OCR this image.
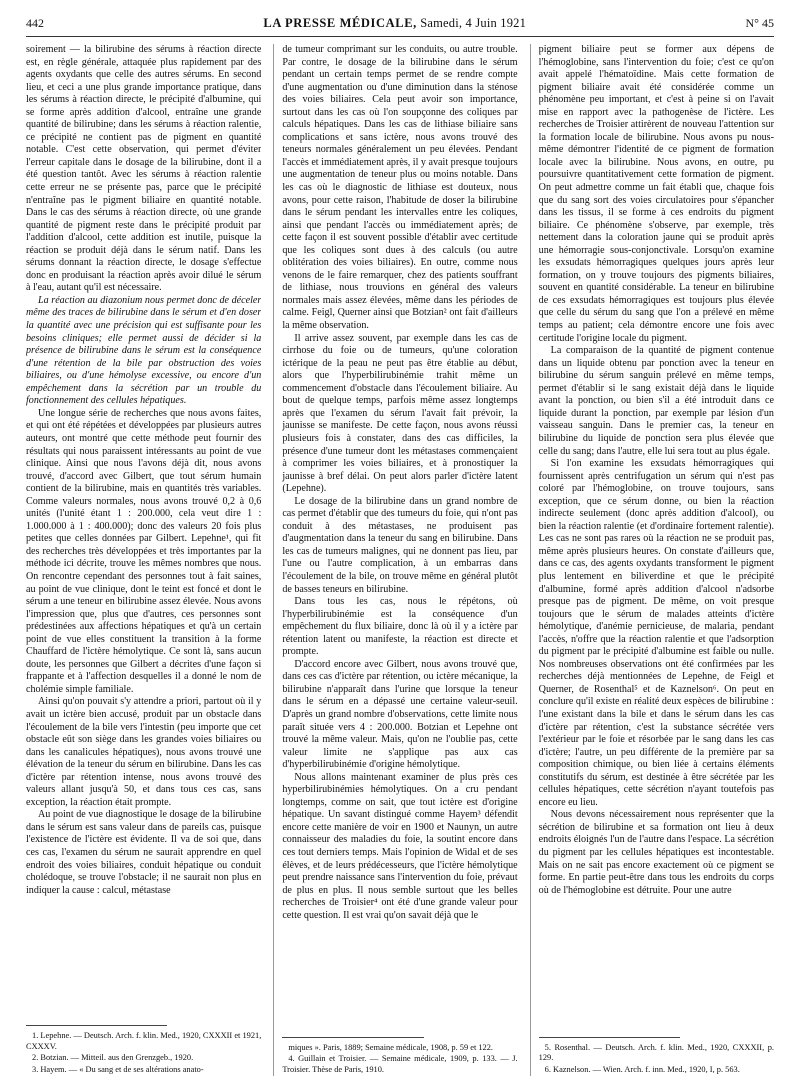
442	LA PRESSE MÉDICALE, Samedi, 4 Juin 1921	N° 45

soirement — la bilirubine des sérums à réaction directe est, en règle générale, attaquée plus rapidement par des agents oxydants que celle des autres sérums. En second lieu, et ceci a une plus grande importance pratique, dans les sérums à réaction directe, le précipité d'albumine, qui se forme après addition d'alcool, entraîne une grande quantité de bilirubine; dans les sérums à réaction ralentie, ce précipité ne contient pas de pigment en quantité notable. C'est cette observation, qui permet d'éviter l'erreur capitale dans le dosage de la bilirubine, dont il a été question tantôt. Avec les sérums à réaction ralentie cette erreur ne se présente pas, parce que le précipité n'entraîne pas le pigment biliaire en quantité notable. Dans le cas des sérums à réaction directe, où une grande quantité de pigment reste dans le précipité produit par l'addition d'alcool, cette addition est inutile, puisque la réaction se produit déjà dans le sérum natif. Dans les sérums donnant la réaction directe, le dosage s'effectue donc en produisant la réaction après avoir dilué le sérum à l'eau, autant qu'il est nécessaire.

La réaction au diazonium nous permet donc de déceler même des traces de bilirubine dans le sérum et d'en doser la quantité avec une précision qui est suffisante pour les besoins cliniques; elle permet aussi de décider si la présence de bilirubine dans le sérum est la conséquence d'une rétention de la bile par obstruction des voies biliaires, ou d'une hémolyse excessive, ou encore d'un empêchement dans la sécrétion par un trouble du fonctionnement des cellules hépatiques.

Une longue série de recherches que nous avons faites, et qui ont été répétées et développées par plusieurs autres auteurs, ont montré que cette méthode peut fournir des résultats qui nous paraissent intéressants au point de vue clinique. Ainsi que nous l'avons déjà dit, nous avons trouvé, d'accord avec Gilbert, que tout sérum humain contient de la bilirubine, mais en quantités très variables. Comme valeurs normales, nous avons trouvé 0,2 à 0,6 unités (l'unité étant 1 : 200.000, cela veut dire 1 : 1.000.000 à 1 : 400.000); donc des valeurs 20 fois plus petites que celles données par Gilbert. Lepehne¹, qui fit des recherches très développées et très importantes par la méthode ici décrite, trouve les mêmes nombres que nous. On rencontre cependant des personnes tout à fait saines, au point de vue clinique, dont le teint est foncé et dont le sérum a une teneur en bilirubine assez élevée. Nous avons l'impression que, plus que d'autres, ces personnes sont prédestinées aux affections hépatiques et qu'à un certain point de vue elles constituent la transition à la forme Chauffard de l'ictère hémolytique. Ce sont là, sans aucun doute, les personnes que Gilbert a décrites d'une façon si frappante et à l'affection desquelles il a donné le nom de cholémie simple familiale.

Ainsi qu'on pouvait s'y attendre a priori, partout où il y avait un ictère bien accusé, produit par un obstacle dans l'écoulement de la bile vers l'intestin (peu importe que cet obstacle eût son siège dans les grandes voies biliaires ou dans les canalicules hépatiques), nous avons trouvé une élévation de la teneur du sérum en bilirubine. Dans les cas d'ictère par rétention intense, nous avons trouvé des valeurs allant jusqu'à 50, et dans tous ces cas, sans exception, la réaction était prompte.

Au point de vue diagnostique le dosage de la bilirubine dans le sérum est sans valeur dans de pareils cas, puisque l'existence de l'ictère est évidente. Il va de soi que, dans ces cas, l'examen du sérum ne saurait apprendre en quel endroit des voies biliaires, conduit hépatique ou conduit cholédoque, se trouve l'obstacle; il ne saurait non plus en indiquer la cause : calcul, métastase

1. Lepehne. — Deutsch. Arch. f. klin. Med., 1920, CXXXII et 1921, CXXXV.

2. Botzian. — Mitteil. aus den Grenzgeb., 1920.

3. Hayem. — « Du sang et de ses altérations anato-

de tumeur comprimant sur les conduits, ou autre trouble. Par contre, le dosage de la bilirubine dans le sérum pendant un certain temps permet de se rendre compte d'une augmentation ou d'une diminution dans la sténose des voies biliaires. Cela peut avoir son importance, surtout dans les cas où l'on soupçonne des coliques par calculs hépatiques. Dans les cas de lithiase biliaire sans complications et sans ictère, nous avons trouvé des teneurs normales généralement un peu élevées. Pendant l'accès et immédiatement après, il y avait presque toujours une augmentation de teneur plus ou moins notable. Dans les cas où le diagnostic de lithiase est douteux, nous avons, pour cette raison, l'habitude de doser la bilirubine dans le sérum pendant les intervalles entre les coliques, ainsi que pendant l'accès ou immédiatement après; de cette façon il est souvent possible d'établir avec certitude que les coliques sont dues à des calculs (ou autre oblitération des voies biliaires). En outre, comme nous venons de le faire remarquer, chez des patients souffrant de lithiase, nous trouvions en général des valeurs normales mais assez élevées, même dans les périodes de calme. Feigl, Querner ainsi que Botzian² ont fait d'ailleurs la même observation.

Il arrive assez souvent, par exemple dans les cas de cirrhose du foie ou de tumeurs, qu'une coloration ictérique de la peau ne peut pas être établie au début, alors que l'hyperbilirubinémie trahit même un commencement d'obstacle dans l'écoulement biliaire. Au bout de quelque temps, parfois même assez longtemps après que l'examen du sérum l'avait fait prévoir, la jaunisse se manifeste. De cette façon, nous avons réussi plusieurs fois à constater, dans des cas difficiles, la présence d'une tumeur dont les métastases commençaient à comprimer les voies biliaires, et à pronostiquer la jaunisse à bref délai. On peut alors parler d'ictère latent (Lepehne).

Le dosage de la bilirubine dans un grand nombre de cas permet d'établir que des tumeurs du foie, qui n'ont pas conduit à des métastases, ne produisent pas d'augmentation dans la teneur du sang en bilirubine. Dans les cas de tumeurs malignes, qui ne donnent pas lieu, par l'une ou l'autre complication, à un embarras dans l'écoulement de la bile, on trouve même en général plutôt de basses teneurs en bilirubine.

Dans tous les cas, nous le répétons, où l'hyperbilirubinémie est la conséquence d'un empêchement du flux biliaire, donc là où il y a ictère par rétention latent ou manifeste, la réaction est directe et prompte.

D'accord encore avec Gilbert, nous avons trouvé que, dans ces cas d'ictère par rétention, ou ictère mécanique, la bilirubine n'apparaît dans l'urine que lorsque la teneur dans le sérum en a dépassé une certaine valeur-seuil. D'après un grand nombre d'observations, cette limite nous paraît située vers 4 : 200.000. Botzian et Lepehne ont trouvé la même valeur. Mais, qu'on ne l'oublie pas, cette valeur limite ne s'applique pas aux cas d'hyperbilirubinémie d'origine hémolytique.

Nous allons maintenant examiner de plus près ces hyperbilirubinémies hémolytiques. On a cru pendant longtemps, comme on sait, que tout ictère est d'origine hépatique. Un savant distingué comme Hayem³ défendit encore cette manière de voir en 1900 et Naunyn, un autre connaisseur des maladies du foie, la soutint encore dans ces tout derniers temps. Mais l'opinion de Widal et de ses élèves, et de leurs prédécesseurs, que l'ictère hémolytique peut prendre naissance sans l'intervention du foie, prévaut de plus en plus. Il nous semble surtout que les belles recherches de Troisier⁴ ont été d'une grande valeur pour cette question. Il est vrai qu'on savait déjà que le

miques ». Paris, 1889; Semaine médicale, 1908, p. 59 et 122.

4. Guillain et Troisier. — Semaine médicale, 1909, p. 133. — J. Troisier. Thèse de Paris, 1910.

pigment biliaire peut se former aux dépens de l'hémoglobine, sans l'intervention du foie; c'est ce qu'on avait appelé l'hématoïdine. Mais cette formation de pigment biliaire avait été considérée comme un phénomène peu important, et c'est à peine si on l'avait mise en rapport avec la pathogenèse de l'ictère. Les recherches de Troisier attirèrent de nouveau l'attention sur la formation locale de bilirubine. Nous avons pu nous-même démontrer l'identité de ce pigment de formation locale avec la bilirubine. Nous avons, en outre, pu poursuivre quantitativement cette formation de pigment. On peut admettre comme un fait établi que, chaque fois que du sang sort des voies circulatoires pour s'épancher dans les tissus, il se forme à ces endroits du pigment biliaire. Ce phénomène s'observe, par exemple, très nettement dans la coloration jaune qui se produit après une hémorragie sous-conjonctivale. Lorsqu'on examine les exsudats hémorragiques quelques jours après leur formation, on y trouve toujours des pigments biliaires, souvent en quantité considérable. La teneur en bilirubine de ces exsudats hémorragiques est toujours plus élevée que celle du sérum du sang que l'on a prélevé en même temps au patient; cela démontre encore une fois avec certitude l'origine locale du pigment.

La comparaison de la quantité de pigment contenue dans un liquide obtenu par ponction avec la teneur en bilirubine du sérum sanguin prélevé en même temps, permet d'établir si le sang existait déjà dans le liquide avant la ponction, ou bien s'il a été introduit dans ce liquide durant la ponction, par exemple par lésion d'un vaisseau sanguin. Dans le premier cas, la teneur en bilirubine du liquide de ponction sera plus élevée que celle du sang; dans l'autre, elle lui sera tout au plus égale.

Si l'on examine les exsudats hémorragiques qui fournissent après centrifugation un sérum qui n'est pas coloré par l'hémoglobine, on trouve toujours, sans exception, que ce sérum donne, ou bien la réaction indirecte seulement (donc après addition d'alcool), ou bien la réaction ralentie (et d'ordinaire fortement ralentie). Les cas ne sont pas rares où la réaction ne se produit pas, même après plusieurs heures. On constate d'ailleurs que, dans ce cas, des agents oxydants transforment le pigment plus lentement en biliverdine et que le précipité d'albumine, formé après addition d'alcool n'adsorbe presque pas de pigment. De même, on voit presque toujours que le sérum de malades atteints d'ictère hémolytique, d'anémie pernicieuse, de malaria, pendant l'accès, n'offre que la réaction ralentie et que l'adsorption du pigment par le précipité d'albumine est faible ou nulle. Nos nombreuses observations ont été confirmées par les recherches déjà mentionnées de Lepehne, de Feigl et Querner, de Rosenthal⁵ et de Kaznelson⁶. On peut en conclure qu'il existe en réalité deux espèces de bilirubine : l'une existant dans la bile et dans le sérum dans les cas d'ictère par rétention, c'est la substance sécrétée vers l'extérieur par le foie et résorbée par le sang dans les cas d'ictère; l'autre, un peu différente de la première par sa composition chimique, ou bien liée à certains éléments constitutifs du sérum, est destinée à être sécrétée par les cellules hépatiques, cette sécrétion n'ayant toutefois pas encore eu lieu.

Nous devons nécessairement nous représenter que la sécrétion de bilirubine et sa formation ont lieu à deux endroits éloignés l'un de l'autre dans l'espace. La sécrétion du pigment par les cellules hépatiques est incontestable. Mais on ne sait pas encore exactement où ce pigment se forme. En partie peut-être dans tous les endroits du corps où de l'hémoglobine est détruite. Pour une autre

5. Rosenthal. — Deutsch. Arch. f. klin. Med., 1920, CXXXII, p. 129.

6. Kaznelson. — Wien. Arch. f. inn. Med., 1920, I, p. 563.
